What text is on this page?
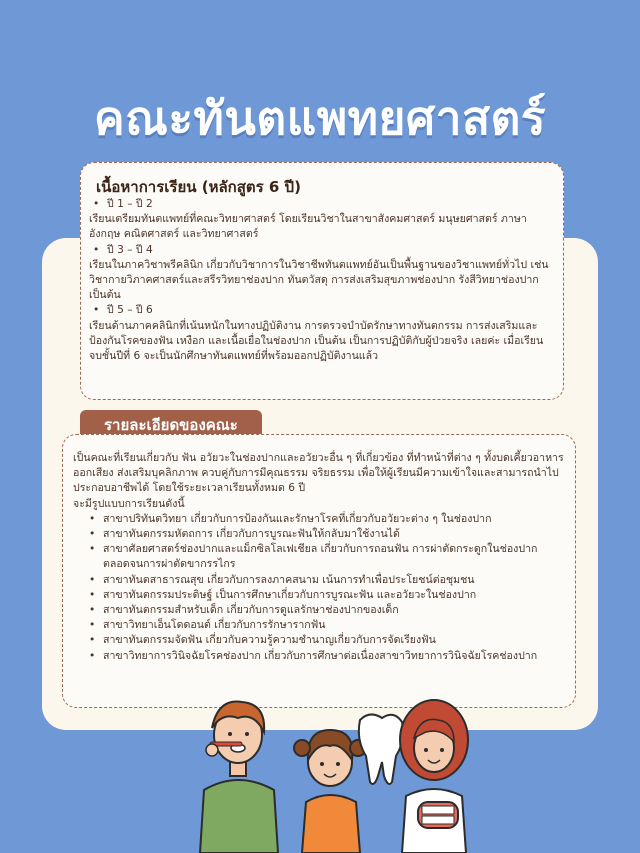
คณะทันตแพทยศาสตร์
• ปี 1 – ปี 2
เรียนเตรียมทันตแพทย์ที่คณะวิทยาศาสตร์ โดยเรียนวิชาในสาขาสังคมศาสตร์ มนุษยศาสตร์ ภาษาอังกฤษ คณิตศาสตร์ และวิทยาศาสตร์
• ปี 3 – ปี 4
เรียนในภาควิชาพรีคลินิก เกี่ยวกับวิชาการในวิชาชีพทันตแพทย์อันเป็นพื้นฐานของวิชาแพทย์ทั่วไป เช่น วิชากายวิภาคศาสตร์และสรีรวิทยาช่องปาก ทันตวัสดุ การส่งเสริมสุขภาพช่องปาก รังสีวิทยาช่องปาก เป็นต้น
• ปี 5 – ปี 6
เรียนด้านภาคคลินิกที่เน้นหนักในทางปฏิบัติงาน การตรวจบำบัดรักษาทางทันตกรรม การส่งเสริมและป้องกันโรคของฟัน เหงือก และเนื้อเยื่อในช่องปาก เป็นต้น เป็นการปฏิบัติกับผู้ป่วยจริง เลยค่ะ เมื่อเรียนจบชั้นปีที่ 6 จะเป็นนักศึกษาทันตแพทย์ที่พร้อมออกปฏิบัติงานแล้ว
เนื้อหาการเรียน (หลักสูตร 6 ปี)
รายละเอียดของคณะ
เป็นคณะที่เรียนเกี่ยวกับ ฟัน อวัยวะในช่องปากและอวัยวะอื่น ๆ ที่เกี่ยวข้อง ที่ทำหน้าที่ต่าง ๆ ทั้งบดเคี้ยวอาหาร ออกเสียง ส่งเสริมบุคลิกภาพ ควบคู่กับการมีคุณธรรม จริยธรรม เพื่อให้ผู้เรียนมีความเข้าใจและสามารถนำไปประกอบอาชีพได้ โดยใช้ระยะเวลาเรียนทั้งหมด 6 ปี
จะมีรูปแบบการเรียนดังนี้
• สาขาปริทันตวิทยา เกี่ยวกับการป้องกันและรักษาโรคที่เกี่ยวกับอวัยวะต่าง ๆ ในช่องปาก
• สาขาทันตกรรมหัตถการ เกี่ยวกับการบูรณะฟันให้กลับมาใช้งานได้
• สาขาศัลยศาสตร์ช่องปากและแม็กซิลโลเฟเชียล เกี่ยวกับการถอนฟัน การผ่าตัดกระดูกในช่องปาก ตลอดจนการผ่าตัดขากรรไกร
• สาขาทันตสาธารณสุข เกี่ยวกับการลงภาคสนาม เน้นการทำเพื่อประโยชน์ต่อชุมชน
• สาขาทันตกรรมประดิษฐ์ เป็นการศึกษาเกี่ยวกับการบูรณะฟัน และอวัยวะในช่องปาก
• สาขาทันตกรรมสำหรับเด็ก เกี่ยวกับการดูแลรักษาช่องปากของเด็ก
• สาขาวิทยาเอ็นโดดอนต์ เกี่ยวกับการรักษารากฟัน
• สาขาทันตกรรมจัดฟัน เกี่ยวกับความรู้ความชำนาญเกี่ยวกับการจัดเรียงฟัน
• สาขาวิทยาการวินิจฉัยโรคช่องปาก เกี่ยวกับการศึกษาต่อเนื่องสาขาวิทยาการวินิจฉัยโรคช่องปาก
